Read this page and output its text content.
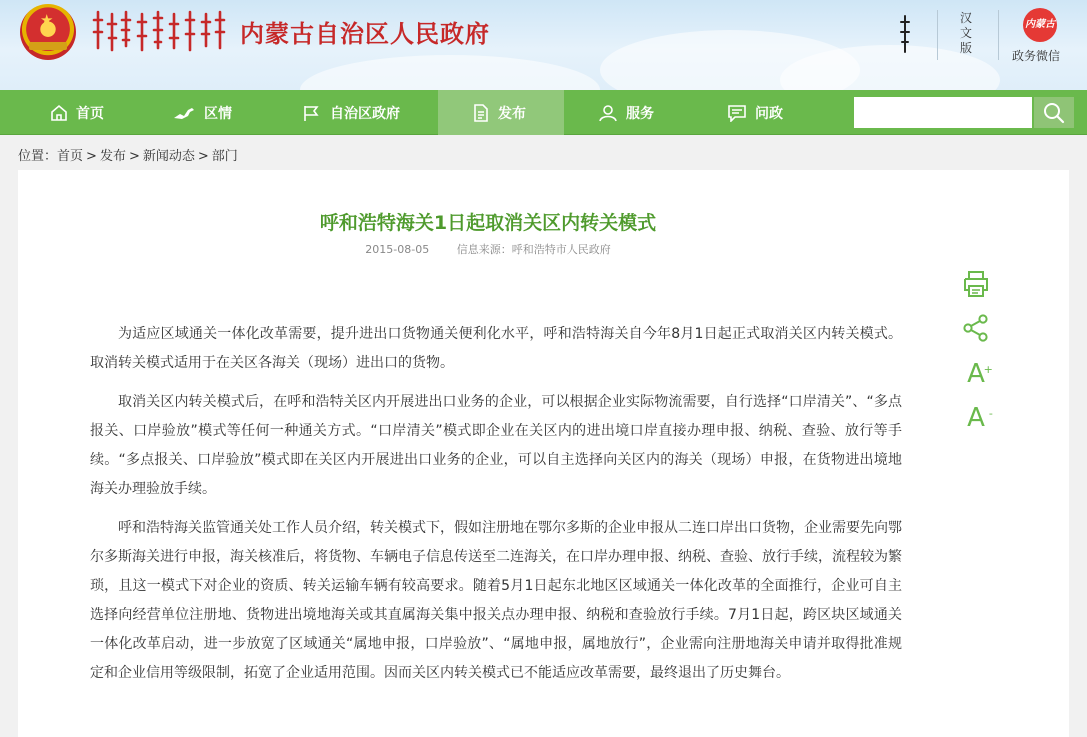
★	内蒙古自治区人民政府
汉文版
内蒙古
政务微信
首页	区情	自治区政府	发布	服务	问政
位置：首页 > 发布 > 新闻动态 > 部门
呼和浩特海关1日起取消关区内转关模式
2015-08-05	信息来源：呼和浩特市人民政府

为适应区域通关一体化改革需要，提升进出口货物通关便利化水平，呼和浩特海关自今年8月1日起正式取消关区内转关模式。取消转关模式适用于在关区各海关（现场）进出口的货物。

取消关区内转关模式后，在呼和浩特关区内开展进出口业务的企业，可以根据企业实际物流需要，自行选择“口岸清关”、“多点报关、口岸验放”模式等任何一种通关方式。“口岸清关”模式即企业在关区内的进出境口岸直接办理申报、纳税、查验、放行等手续。“多点报关、口岸验放”模式即在关区内开展进出口业务的企业，可以自主选择向关区内的海关（现场）申报，在货物进出境地海关办理验放手续。

呼和浩特海关监管通关处工作人员介绍，转关模式下，假如注册地在鄂尔多斯的企业申报从二连口岸出口货物，企业需要先向鄂尔多斯海关进行申报，海关核准后，将货物、车辆电子信息传送至二连海关，在口岸办理申报、纳税、查验、放行手续，流程较为繁琐，且这一模式下对企业的资质、转关运输车辆有较高要求。随着5月1日起东北地区区域通关一体化改革的全面推行，企业可自主选择向经营单位注册地、货物进出境地海关或其直属海关集中报关点办理申报、纳税和查验放行手续。7月1日起，跨区块区域通关一体化改革启动，进一步放宽了区域通关“属地申报，口岸验放”、“属地申报，属地放行”，企业需向注册地海关申请并取得批准规定和企业信用等级限制，拓宽了企业适用范围。因而关区内转关模式已不能适应改革需要，最终退出了历史舞台。

A
+
A -
